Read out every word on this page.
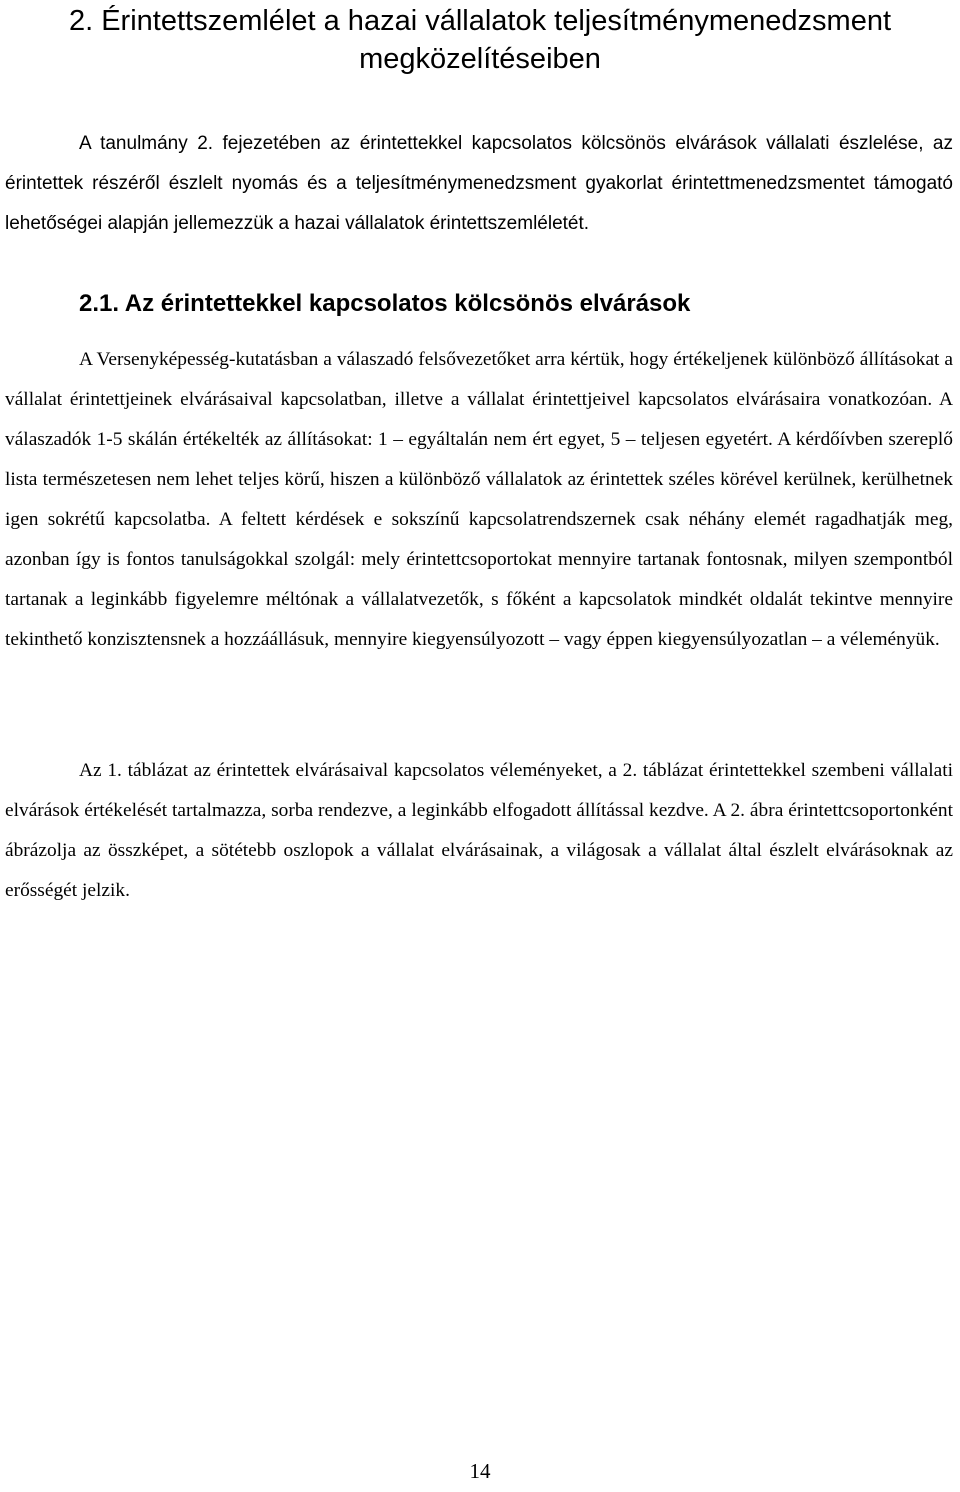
2. Érintettszemlélet a hazai vállalatok teljesítménymenedzsment
megközelítéseiben

A tanulmány 2. fejezetében az érintettekkel kapcsolatos kölcsönös elvárások vállalati észlelése, az érintettek részéről észlelt nyomás és a teljesítménymenedzsment gyakorlat érintettmenedzsmentet támogató lehetőségei alapján jellemezzük a hazai vállalatok érintettszemléletét.

2.1. Az érintettekkel kapcsolatos kölcsönös elvárások

A Versenyképesség-kutatásban a válaszadó felsővezetőket arra kértük, hogy értékeljenek különböző állításokat a vállalat érintettjeinek elvárásaival kapcsolatban, illetve a vállalat érintettjeivel kapcsolatos elvárásaira vonatkozóan. A válaszadók 1-5 skálán értékelték az állításokat: 1 – egyáltalán nem ért egyet, 5 – teljesen egyetért. A kérdőívben szereplő lista természetesen nem lehet teljes körű, hiszen a különböző vállalatok az érintettek széles körével kerülnek, kerülhetnek igen sokrétű kapcsolatba. A feltett kérdések e sokszínű kapcsolatrendszernek csak néhány elemét ragadhatják meg, azonban így is fontos tanulságokkal szolgál: mely érintettcsoportokat mennyire tartanak fontosnak, milyen szempontból tartanak a leginkább figyelemre méltónak a vállalatvezetők, s főként a kapcsolatok mindkét oldalát tekintve mennyire tekinthető konzisztensnek a hozzáállásuk, mennyire kiegyensúlyozott – vagy éppen kiegyensúlyozatlan – a véleményük.

Az 1. táblázat az érintettek elvárásaival kapcsolatos véleményeket, a 2. táblázat érintettekkel szembeni vállalati elvárások értékelését tartalmazza, sorba rendezve, a leginkább elfogadott állítással kezdve. A 2. ábra érintettcsoportonként ábrázolja az összképet, a sötétebb oszlopok a vállalat elvárásainak, a világosak a vállalat által észlelt elvárásoknak az erősségét jelzik.

14
